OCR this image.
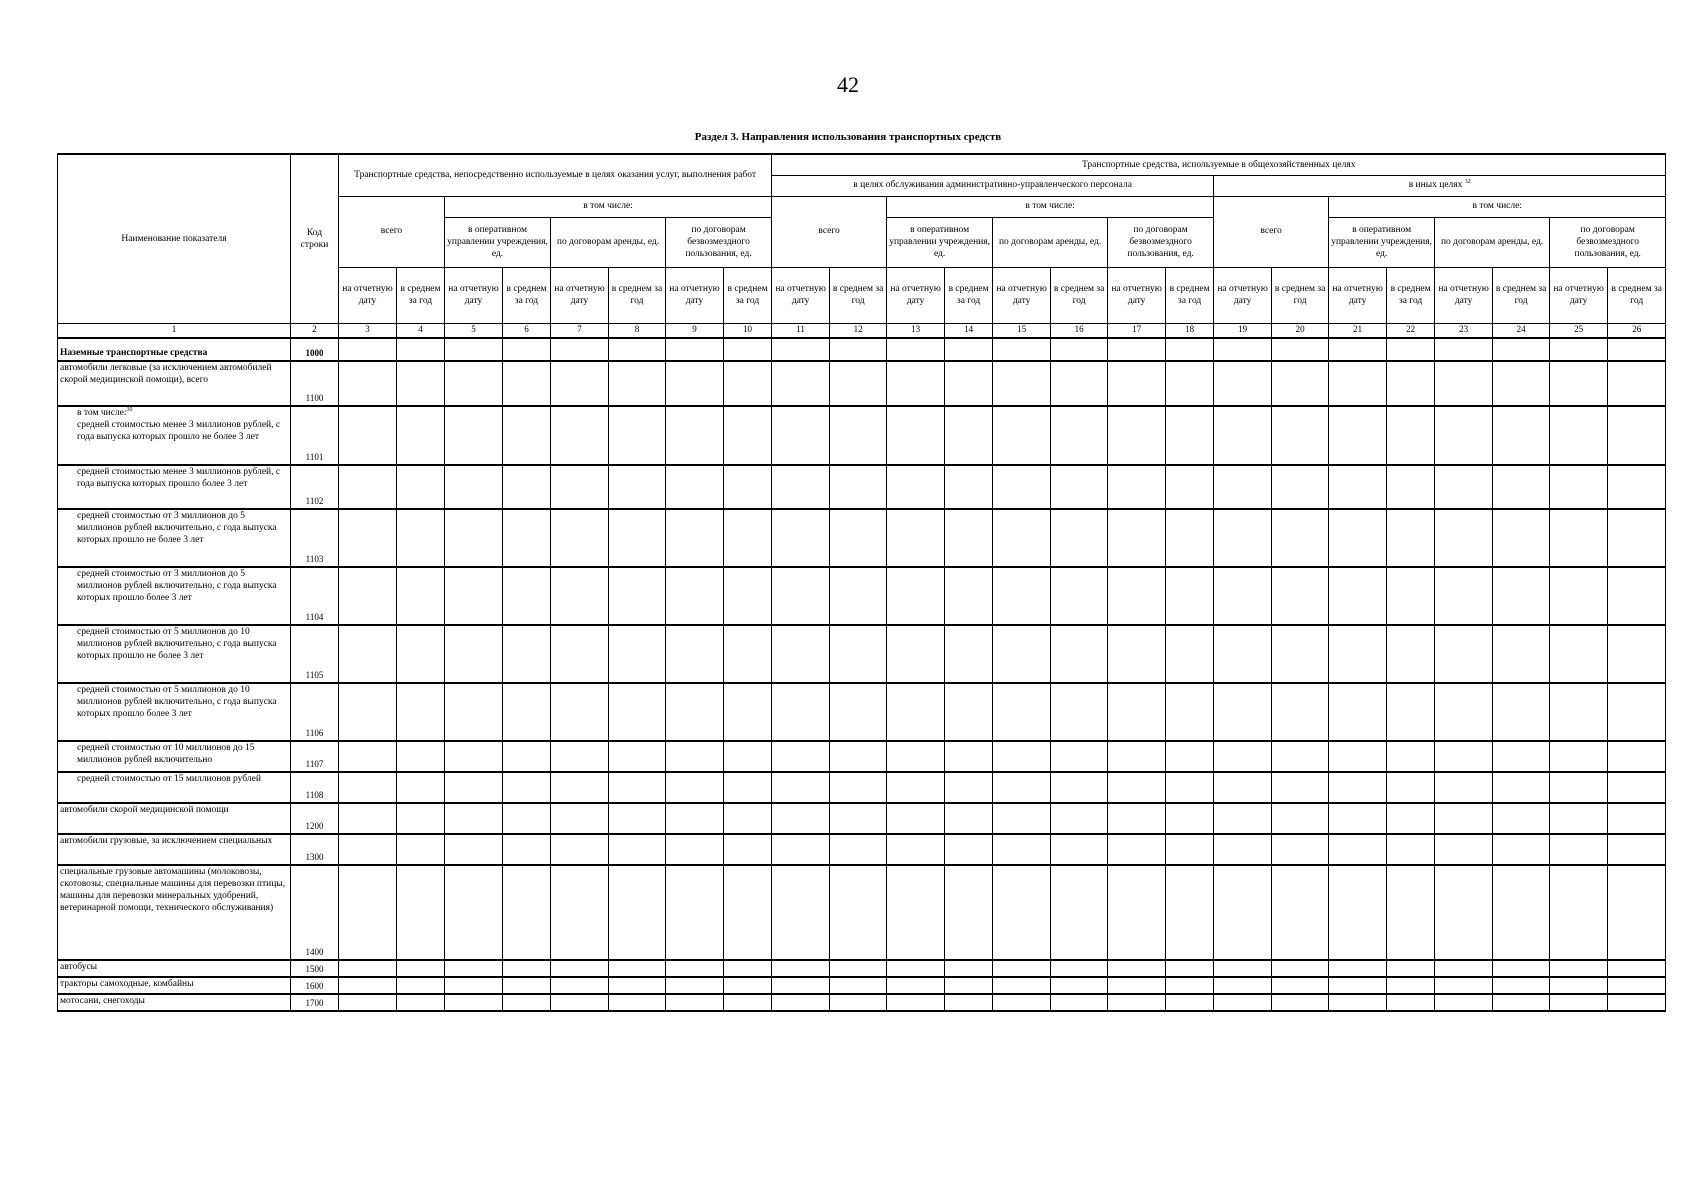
42
Раздел 3. Направления использования транспортных средств
Наименование показателя	Код строки	Транспортные средства, непосредственно используемые в целях оказания услуг, выполнения работ								Транспортные средства, используемые в общехозяйственных целях															
										в целях обслуживания административно-управленческого персонала								в иных целях $^{32}$
		всего		в том числе:						всего		в том числе:						всего		в том числе:					
				в оперативном управлении учреждения, ед.		по договорам аренды, ед.		по договорам безвозмездного пользования, ед.				в оперативном управлении учреждения, ед.		по договорам аренды, ед.		по договорам безвозмездного пользования, ед.				в оперативном управлении учреждения, ед.		по договорам аренды, ед.		по договорам безвозмездного пользования, ед.	
		на отчетную дату	в среднем за год	на отчетную дату	в среднем за год	на отчетную дату	в среднем за год	на отчетную дату	в среднем за год	на отчетную дату	в среднем за год	на отчетную дату	в среднем за год	на отчетную дату	в среднем за год	на отчетную дату	в среднем за год	на отчетную дату	в среднем за год	на отчетную дату	в среднем за год	на отчетную дату	в среднем за год	на отчетную дату	в среднем за год
1	2	3	4	5	6	7	8	9	10	11	12	13	14	15	16	17	18	19	20	21	22	23	24	25	26
Наземные транспортные средства	1000																								
автомобили легковые (за исключением автомобилей скорой медицинской помощи), всего	1100																								

в том числе:$^{30}$
средней стоимостью менее 3 миллионов рублей, с года выпуска которых прошло не более 3 лет	1101																								
средней стоимостью менее 3 миллионов рублей, с года выпуска которых прошло более 3 лет	1102																								
средней стоимостью от 3 миллионов до 5 миллионов рублей включительно, с года выпуска которых прошло не более 3 лет	1103																								
средней стоимостью от 3 миллионов до 5 миллионов рублей включительно, с года выпуска которых прошло более 3 лет	1104																								
средней стоимостью от 5 миллионов до 10 миллионов рублей включительно, с года выпуска которых прошло не более 3 лет	1105																								
средней стоимостью от 5 миллионов до 10 миллионов рублей включительно, с года выпуска которых прошло более 3 лет	1106																								
средней стоимостью от 10 миллионов до 15 миллионов рублей включительно	1107																								
средней стоимостью от 15 миллионов рублей	1108																								
автомобили скорой медицинской помощи	1200																								
автомобили грузовые, за исключением специальных	1300																								
специальные грузовые автомашины (молоковозы, скотовозы, специальные машины для перевозки птицы, машины для перевозки минеральных удобрений, ветеринарной помощи, технического обслуживания)	1400																								
автобусы	1500																								
тракторы самоходные, комбайны	1600																								
мотосани, снегоходы	1700																								
